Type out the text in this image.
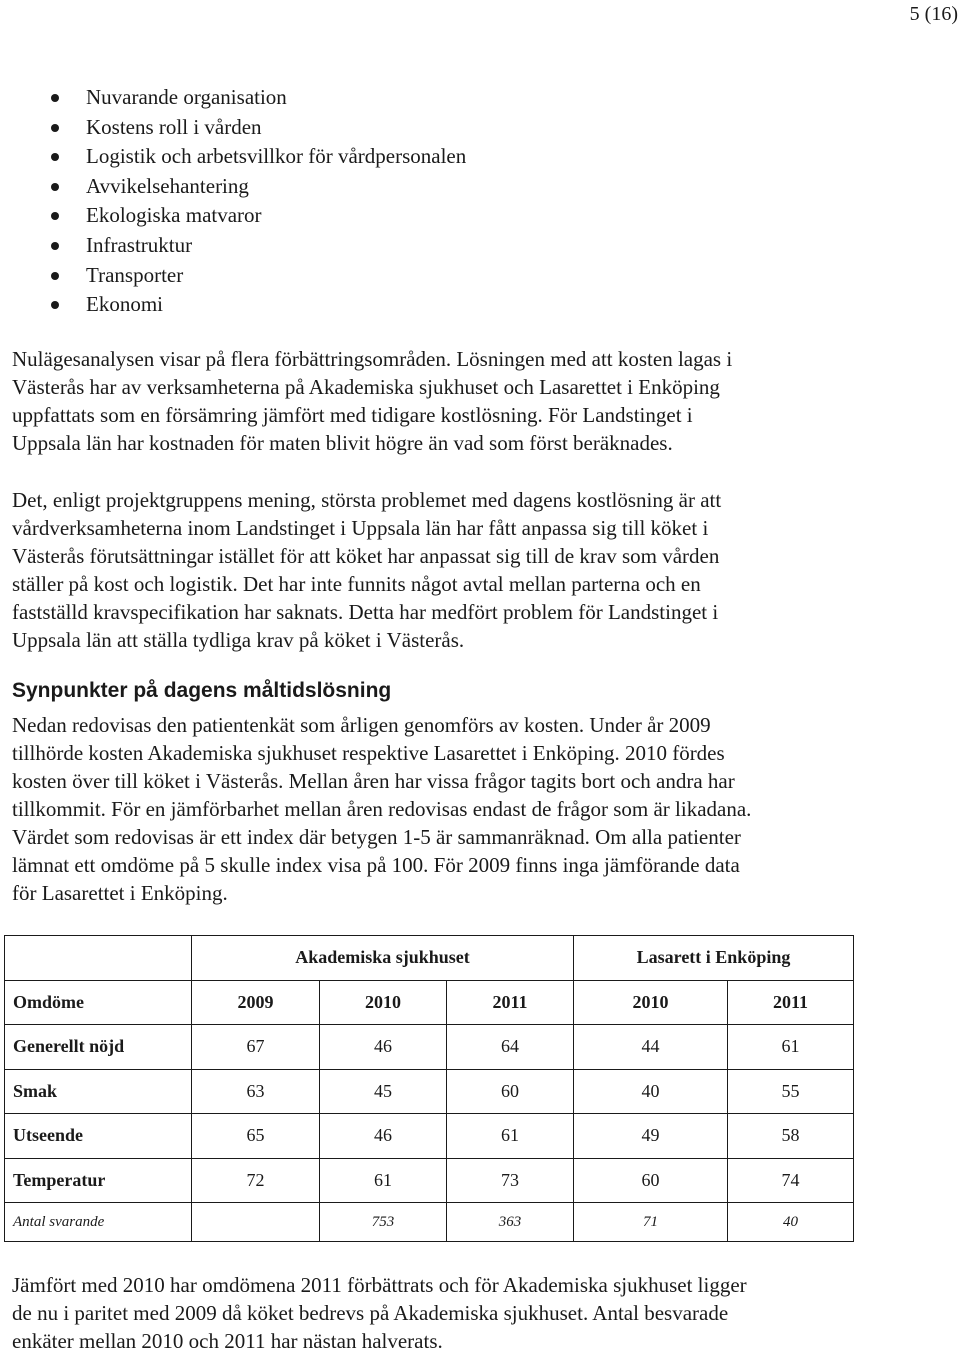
5 (16)
Nuvarande organisation
Kostens roll i vården
Logistik och arbetsvillkor för vårdpersonalen
Avvikelsehantering
Ekologiska matvaror
Infrastruktur
Transporter
Ekonomi

Nulägesanalysen visar på flera förbättringsområden. Lösningen med att kosten lagas i
Västerås har av verksamheterna på Akademiska sjukhuset och Lasarettet i Enköping
uppfattats som en försämring jämfört med tidigare kostlösning. För Landstinget i
Uppsala län har kostnaden för maten blivit högre än vad som först beräknades.

Det, enligt projektgruppens mening, största problemet med dagens kostlösning är att
vårdverksamheterna inom Landstinget i Uppsala län har fått anpassa sig till köket i
Västerås förutsättningar istället för att köket har anpassat sig till de krav som vården
ställer på kost och logistik. Det har inte funnits något avtal mellan parterna och en
fastställd kravspecifikation har saknats. Detta har medfört problem för Landstinget i
Uppsala län att ställa tydliga krav på köket i Västerås.

Synpunkter på dagens måltidslösning

Nedan redovisas den patientenkät som årligen genomförs av kosten. Under år 2009
tillhörde kosten Akademiska sjukhuset respektive Lasarettet i Enköping. 2010 fördes
kosten över till köket i Västerås. Mellan åren har vissa frågor tagits bort och andra har
tillkommit. För en jämförbarhet mellan åren redovisas endast de frågor som är likadana.
Värdet som redovisas är ett index där betygen 1-5 är sammanräknad. Om alla patienter
lämnat ett omdöme på 5 skulle index visa på 100. För 2009 finns inga jämförande data
för Lasarettet i Enköping.

	Akademiska sjukhuset			Lasarett i Enköping	
Omdöme	2009	2010	2011	2010	2011
Generellt nöjd	67	46	64	44	61
Smak	63	45	60	40	55
Utseende	65	46	61	49	58
Temperatur	72	61	73	60	74
Antal svarande		753	363	71	40

Jämfört med 2010 har omdömena 2011 förbättrats och för Akademiska sjukhuset ligger
de nu i paritet med 2009 då köket bedrevs på Akademiska sjukhuset. Antal besvarade
enkäter mellan 2010 och 2011 har nästan halverats.
